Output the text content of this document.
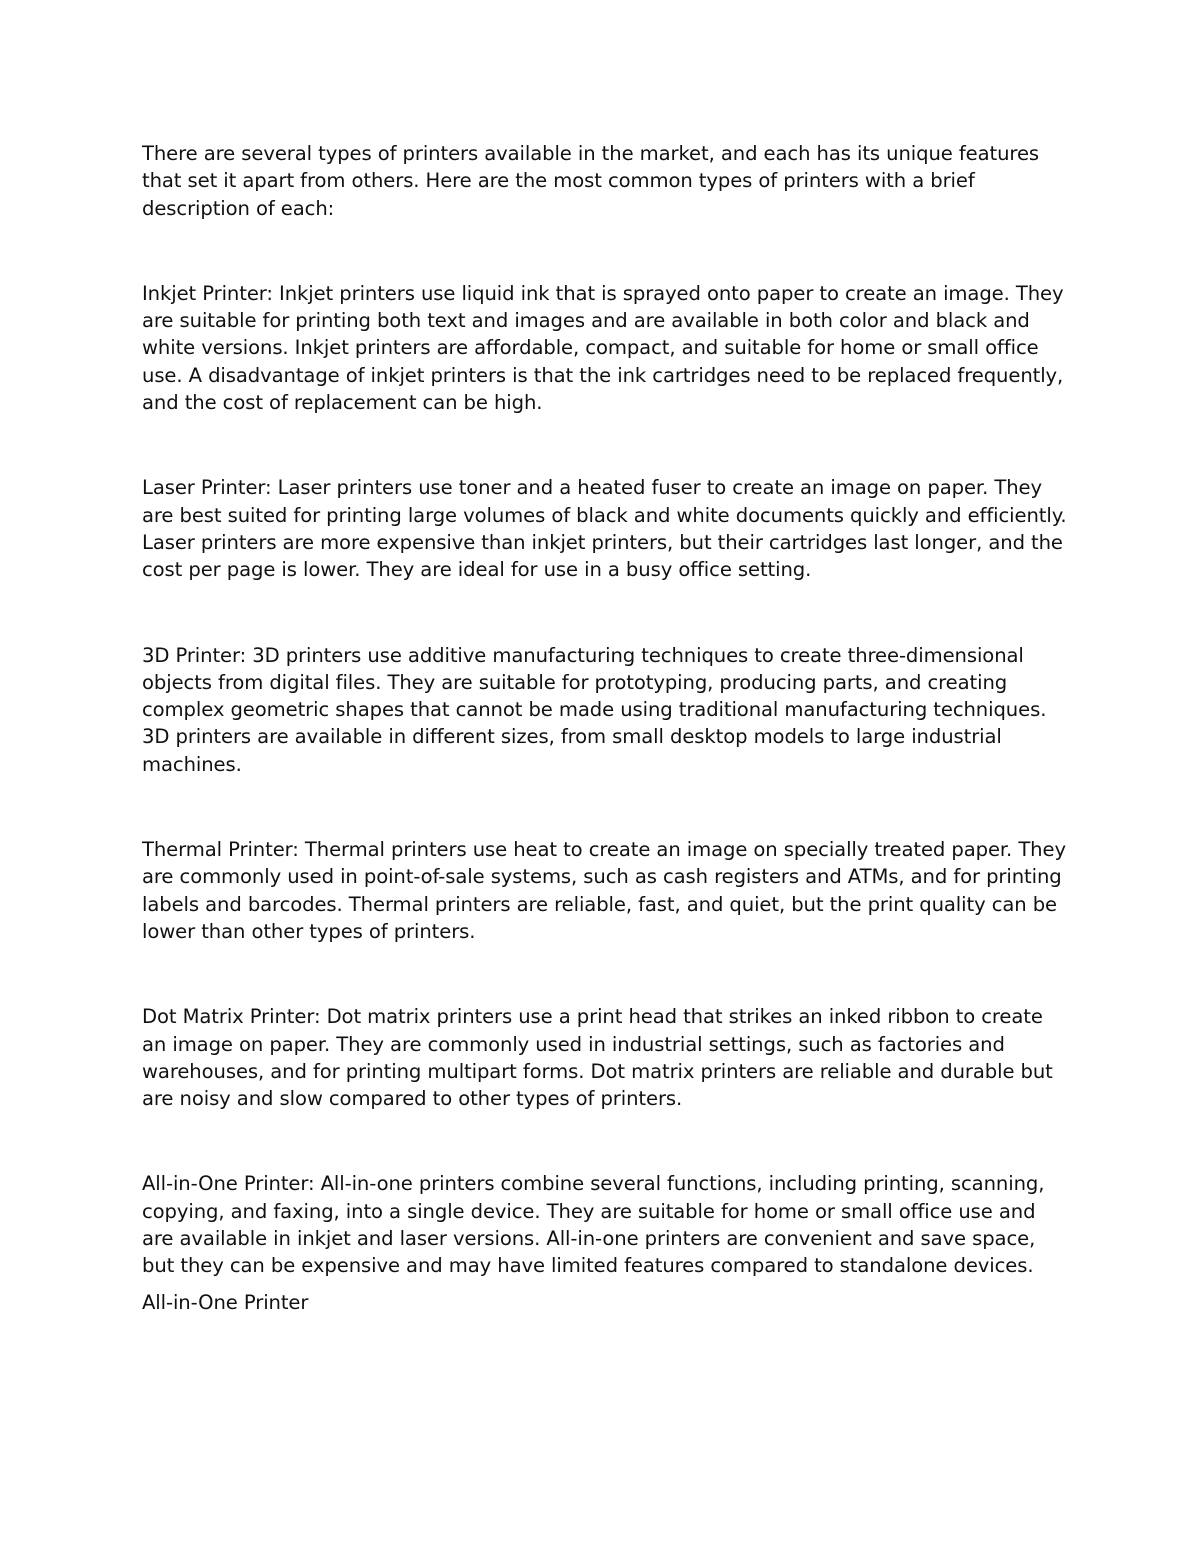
There are several types of printers available in the market, and each has its unique features that set it apart from others. Here are the most common types of printers with a brief description of each:

Inkjet Printer: Inkjet printers use liquid ink that is sprayed onto paper to create an image. They are suitable for printing both text and images and are available in both color and black and white versions. Inkjet printers are affordable, compact, and suitable for home or small office use. A disadvantage of inkjet printers is that the ink cartridges need to be replaced frequently, and the cost of replacement can be high.

Laser Printer: Laser printers use toner and a heated fuser to create an image on paper. They are best suited for printing large volumes of black and white documents quickly and efficiently. Laser printers are more expensive than inkjet printers, but their cartridges last longer, and the cost per page is lower. They are ideal for use in a busy office setting.

3D Printer: 3D printers use additive manufacturing techniques to create three-dimensional objects from digital files. They are suitable for prototyping, producing parts, and creating complex geometric shapes that cannot be made using traditional manufacturing techniques. 3D printers are available in different sizes, from small desktop models to large industrial machines.

Thermal Printer: Thermal printers use heat to create an image on specially treated paper. They are commonly used in point-of-sale systems, such as cash registers and ATMs, and for printing labels and barcodes. Thermal printers are reliable, fast, and quiet, but the print quality can be lower than other types of printers.

Dot Matrix Printer: Dot matrix printers use a print head that strikes an inked ribbon to create an image on paper. They are commonly used in industrial settings, such as factories and warehouses, and for printing multipart forms. Dot matrix printers are reliable and durable but are noisy and slow compared to other types of printers.

All-in-One Printer: All-in-one printers combine several functions, including printing, scanning, copying, and faxing, into a single device. They are suitable for home or small office use and are available in inkjet and laser versions. All-in-one printers are convenient and save space, but they can be expensive and may have limited features compared to standalone devices.

All-in-One Printer
